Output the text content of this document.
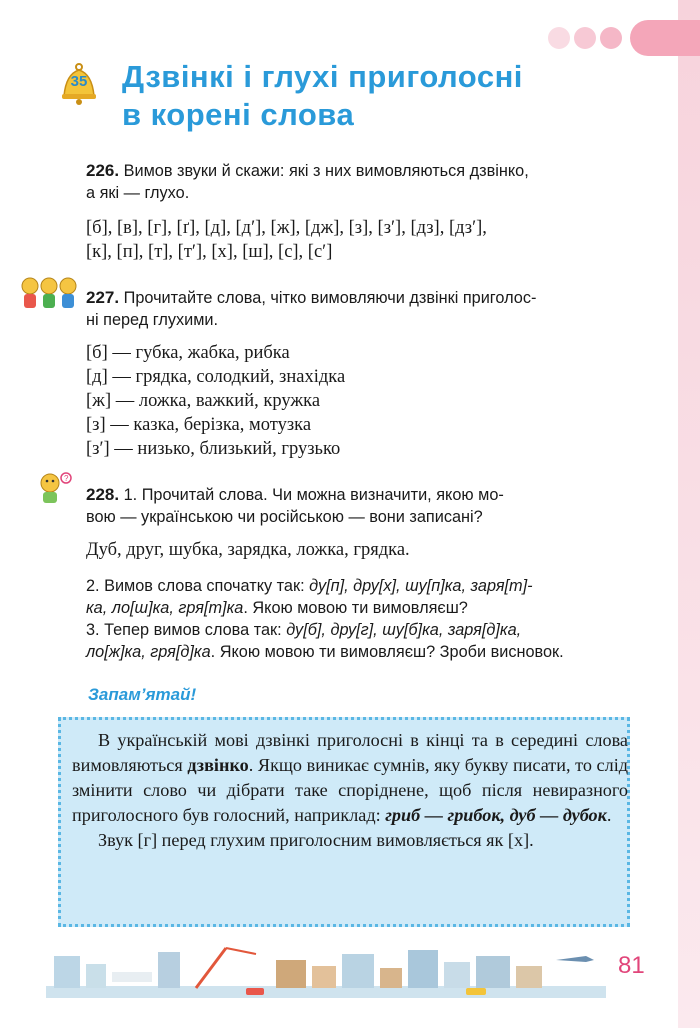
35	Дзвінкі і глухі приголосні
в корені слова
226. Вимов звуки й скажи: які з них вимовляються дзвінко,
а які — глухо.
[б], [в], [г], [ґ], [д], [д′], [ж], [дж], [з], [з′], [дз], [дз′],
[к], [п], [т], [т′], [х], [ш], [с], [с′]
227. Прочитайте слова, чітко вимовляючи дзвінкі приголос-
ні перед глухими.
[б] — губка, жабка, рибка
[д] — грядка, солодкий, знахідка
[ж] — ложка, важкий, кружка
[з] — казка, берізка, мотузка
[з′] — низько, близький, грузько
?
228. 1. Прочитай слова. Чи можна визначити, якою мо-
вою — українською чи російською — вони записані?
Дуб, друг, шубка, зарядка, ложка, грядка.
2. Вимов слова спочатку так: ду[п], дру[х], шу[п]ка, заря[т]-
ка, ло[ш]ка, гря[т]ка. Якою мовою ти вимовляєш?
3. Тепер вимов слова так: ду[б], дру[г], шу[б]ка, заря[д]ка,
ло[ж]ка, гря[д]ка. Якою мовою ти вимовляєш? Зроби висновок.
Запам’ятай!

В українській мові дзвінкі приголосні в кінці та в середині слова вимовляються дзвінко. Якщо виникає сумнів, яку букву писати, то слід змінити слово чи дібрати таке споріднене, щоб після невиразного приголосного був голосний, наприклад: гриб — грибок, дуб — дубок.

Звук [г] перед глухим приголосним вимовляється як [х].

81
